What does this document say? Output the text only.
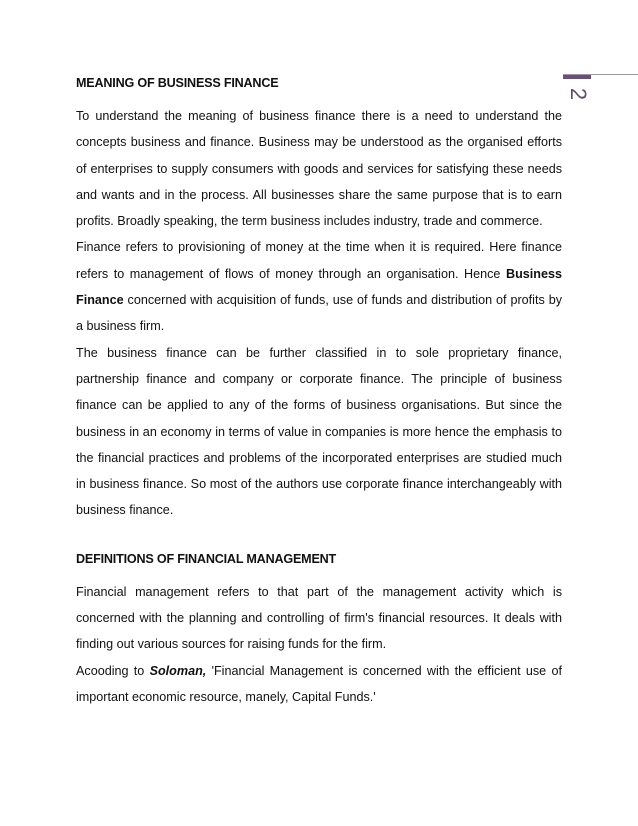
2
MEANING OF BUSINESS FINANCE

To understand the meaning of business finance there is a need to understand the concepts business and finance. Business may be understood as the organised efforts of enterprises to supply consumers with goods and services for satisfying these needs and wants and in the process. All businesses share the same purpose that is to earn profits. Broadly speaking, the term business includes industry, trade and commerce.

Finance refers to provisioning of money at the time when it is required. Here finance refers to management of flows of money through an organisation. Hence Business Finance concerned with acquisition of funds, use of funds and distribution of profits by a business firm.

The business finance can be further classified in to sole proprietary finance, partnership finance and company or corporate finance. The principle of business finance can be applied to any of the forms of business organisations. But since the business in an economy in terms of value in companies is more hence the emphasis to the financial practices and problems of the incorporated enterprises are studied much in business finance. So most of the authors use corporate finance interchangeably with business finance.

DEFINITIONS OF FINANCIAL MANAGEMENT

Financial management refers to that part of the management activity which is concerned with the planning and controlling of firm's financial resources. It deals with finding out various sources for raising funds for the firm.

Acooding to Soloman, 'Financial Management is concerned with the efficient use of important economic resource, manely, Capital Funds.'
